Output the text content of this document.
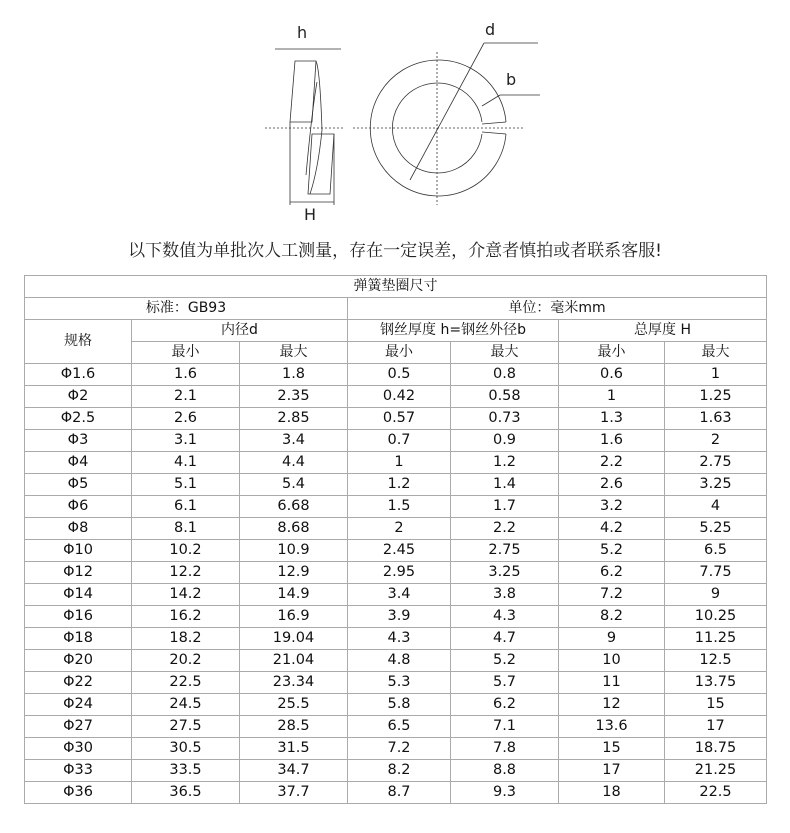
h
H
d
b
以下数值为单批次人工测量，存在一定误差，介意者慎拍或者联系客服!
弹簧垫圈尺寸						
标准：GB93			单位：毫米mm			
规格	内径d		钢丝厚度 h=钢丝外径b		总厚度 H	
	最小	最大	最小	最大	最小	最大
Φ1.6	1.6	1.8	0.5	0.8	0.6	1
Φ2	2.1	2.35	0.42	0.58	1	1.25
Φ2.5	2.6	2.85	0.57	0.73	1.3	1.63
Φ3	3.1	3.4	0.7	0.9	1.6	2
Φ4	4.1	4.4	1	1.2	2.2	2.75
Φ5	5.1	5.4	1.2	1.4	2.6	3.25
Φ6	6.1	6.68	1.5	1.7	3.2	4
Φ8	8.1	8.68	2	2.2	4.2	5.25
Φ10	10.2	10.9	2.45	2.75	5.2	6.5
Φ12	12.2	12.9	2.95	3.25	6.2	7.75
Φ14	14.2	14.9	3.4	3.8	7.2	9
Φ16	16.2	16.9	3.9	4.3	8.2	10.25
Φ18	18.2	19.04	4.3	4.7	9	11.25
Φ20	20.2	21.04	4.8	5.2	10	12.5
Φ22	22.5	23.34	5.3	5.7	11	13.75
Φ24	24.5	25.5	5.8	6.2	12	15
Φ27	27.5	28.5	6.5	7.1	13.6	17
Φ30	30.5	31.5	7.2	7.8	15	18.75
Φ33	33.5	34.7	8.2	8.8	17	21.25
Φ36	36.5	37.7	8.7	9.3	18	22.5
